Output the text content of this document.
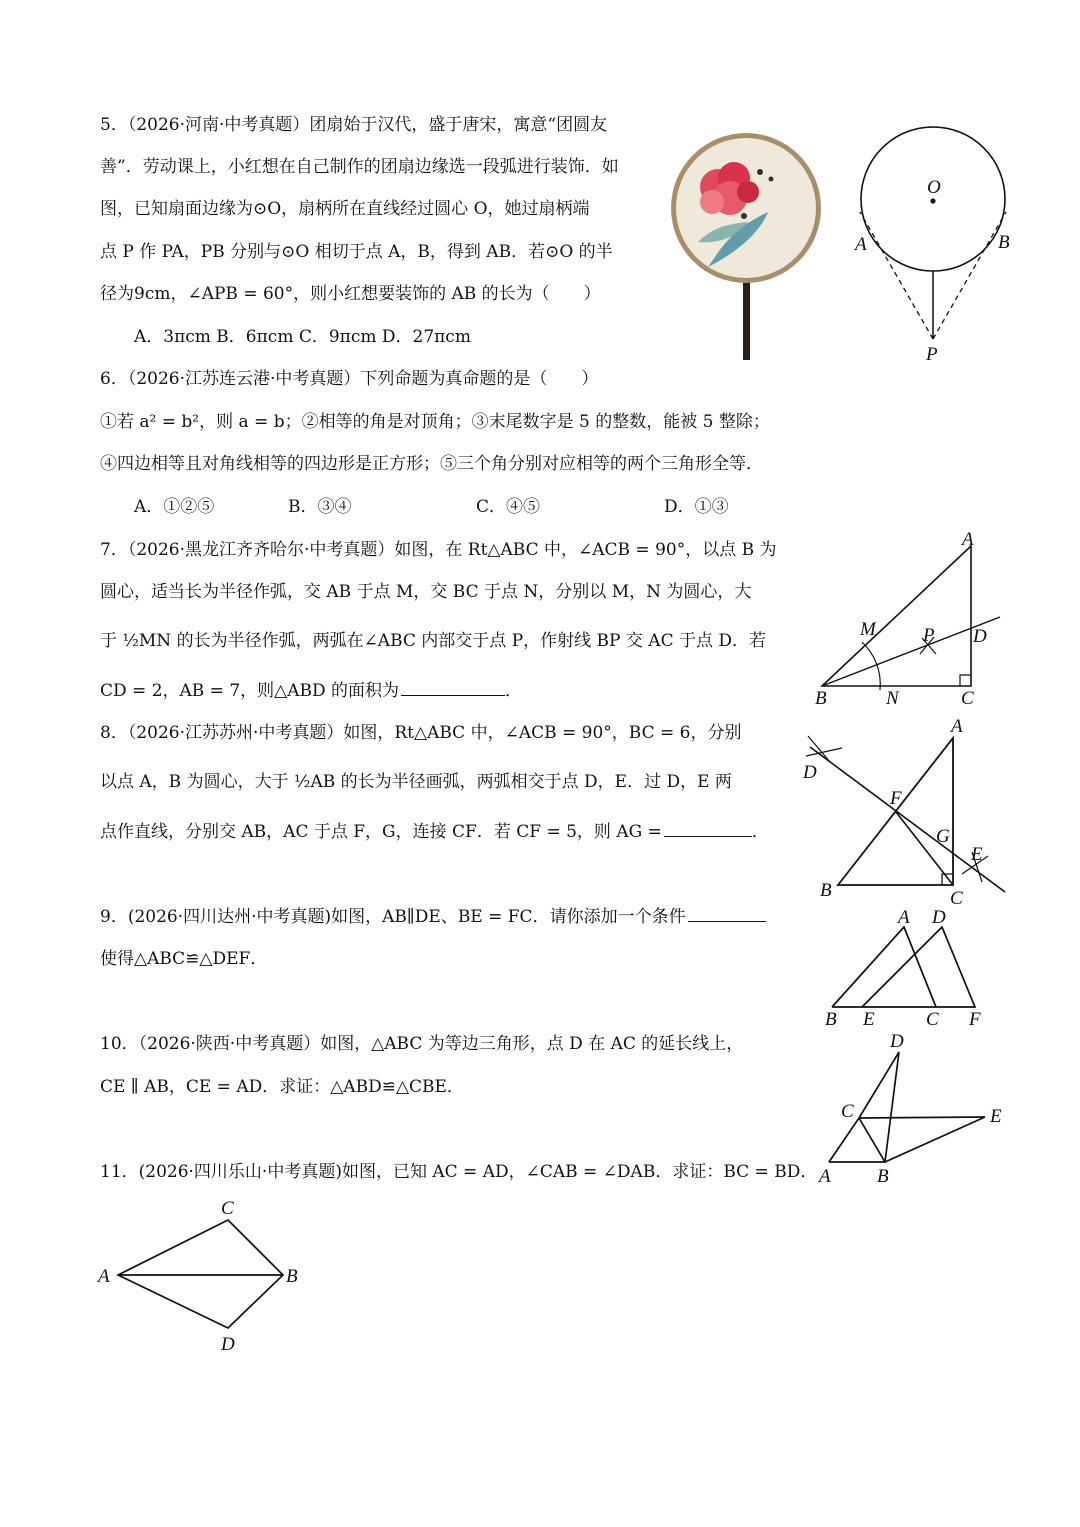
5．（2026·河南·中考真题）团扇始于汉代，盛于唐宋，寓意“团圆友
善”．劳动课上，小红想在自己制作的团扇边缘选一段弧进行装饰．如
图，已知扇面边缘为⊙O，扇柄所在直线经过圆心 O，她过扇柄端
点 P 作 PA，PB 分别与⊙O 相切于点 A，B，得到 AB．若⊙O 的半
径为9cm，∠APB = 60°，则小红想要装饰的 AB 的长为（　　）
A．3πcm B．6πcm C．9πcm D．27πcm
O
A	B
P
6．（2026·江苏连云港·中考真题）下列命题为真命题的是（　　）
①若 a² = b²，则 a = b；②相等的角是对顶角；③末尾数字是 5 的整数，能被 5 整除；
④四边相等且对角线相等的四边形是正方形；⑤三个角分别对应相等的两个三角形全等．
A．①②⑤	B．③④	C．④⑤	D．①③
7．（2026·黑龙江齐齐哈尔·中考真题）如图，在 Rt△ABC 中，∠ACB = 90°，以点 B 为
圆心，适当长为半径作弧，交 AB 于点 M，交 BC 于点 N，分别以 M，N 为圆心，大
于 ½MN 的长为半径作弧，两弧在∠ABC 内部交于点 P，作射线 BP 交 AC 于点 D．若
CD = 2，AB = 7，则△ABD 的面积为	．
A
M P D
B	N	C
8．（2026·江苏苏州·中考真题）如图，Rt△ABC 中，∠ACB = 90°，BC = 6，分别
以点 A，B 为圆心，大于 ½AB 的长为半径画弧，两弧相交于点 D，E．过 D，E 两
点作直线，分别交 AB，AC 于点 F，G，连接 CF．若 CF = 5，则 AG =	．
A
D
F
G
E
B	C
9．(2026·四川达州·中考真题)如图，AB∥DE、BE = FC．请你添加一个条件
使得△ABC≌△DEF．
A D
B E	C F
10．（2026·陕西·中考真题）如图，△ABC 为等边三角形，点 D 在 AC 的延长线上，
CE ∥ AB，CE = AD．求证：△ABD≌△CBE．
D
C	E
A B
11．(2026·四川乐山·中考真题)如图，已知 AC = AD，∠CAB = ∠DAB．求证：BC = BD．
C
A	B
D
